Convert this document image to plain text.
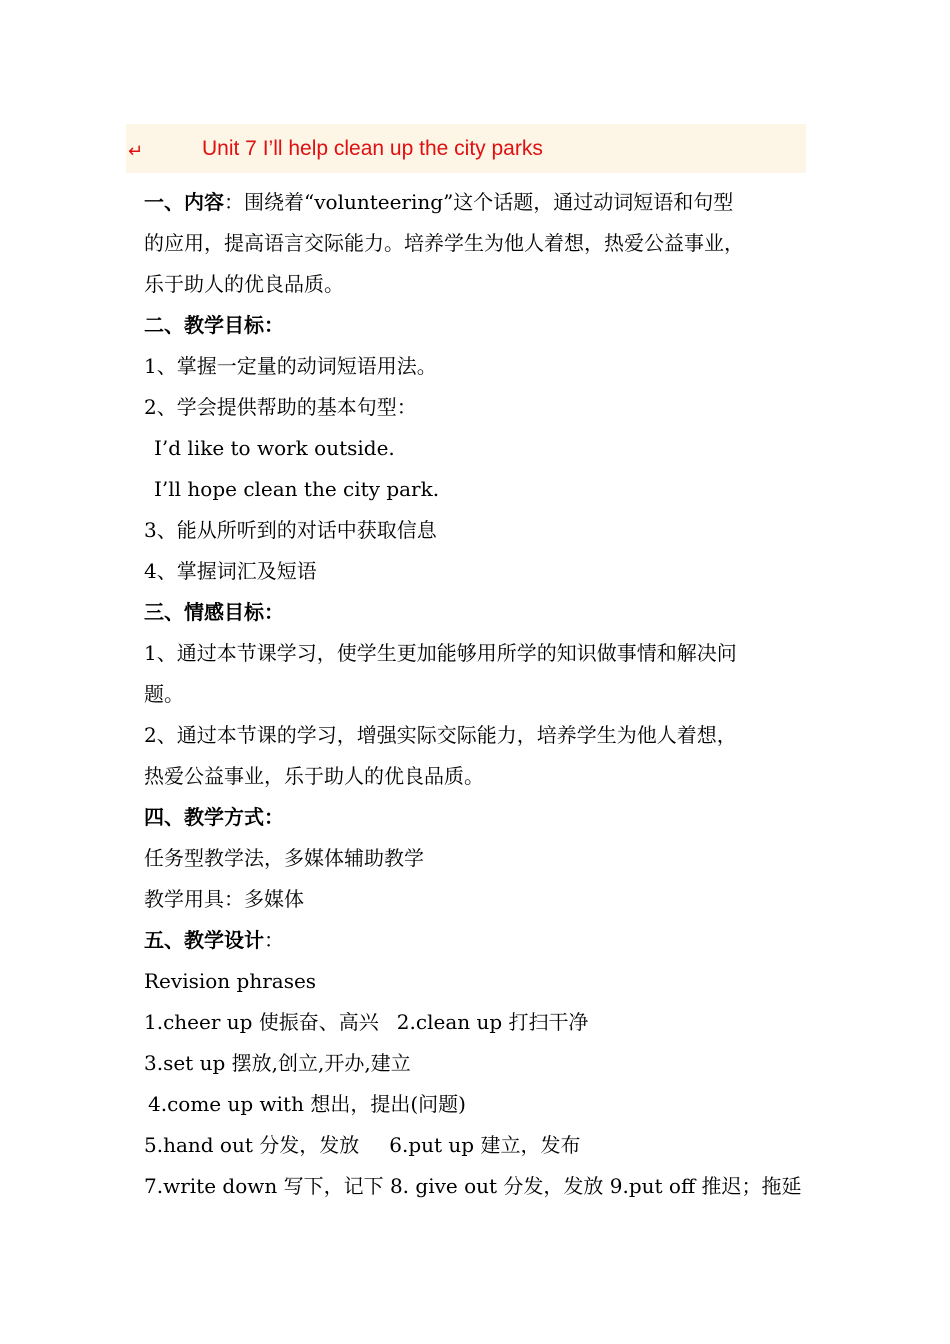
↵	Unit 7 I’ll help clean up the city parks
一、内容：围绕着“volunteering”这个话题，通过动词短语和句型
的应用，提高语言交际能力。培养学生为他人着想，热爱公益事业，
乐于助人的优良品质。
二、教学目标：
1、掌握一定量的动词短语用法。
2、学会提供帮助的基本句型：
I’d like to work outside.
I’ll hope clean the city park.
3、能从所听到的对话中获取信息
4、掌握词汇及短语
三、情感目标：
1、通过本节课学习，使学生更加能够用所学的知识做事情和解决问
题。
2、通过本节课的学习，增强实际交际能力，培养学生为他人着想，
热爱公益事业，乐于助人的优良品质。
四、教学方式：
任务型教学法，多媒体辅助教学
教学用具：多媒体
五、教学设计：
Revision phrases
1.cheer up 使振奋、高兴 2.clean up 打扫干净
3.set up 摆放,创立,开办,建立
4.come up with 想出，提出(问题)
5.hand out 分发，发放 6.put up 建立，发布
7.write down 写下，记下 8. give out 分发，发放 9.put off 推迟；拖延
